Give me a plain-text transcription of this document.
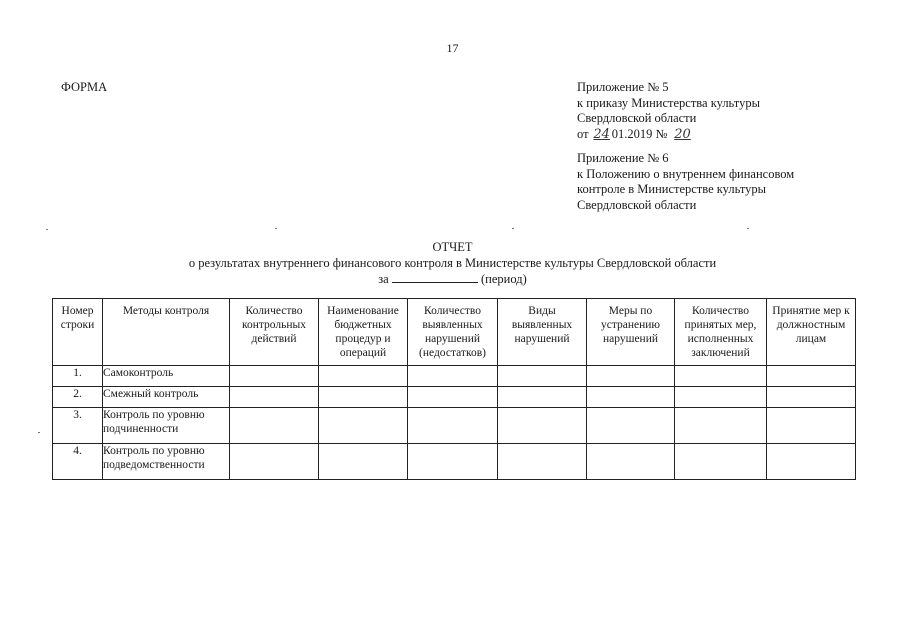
17
ФОРМА	Приложение № 5
к приказу Министерства культуры
Свердловской области
от 24 01.2019 № 20
Приложение № 6
к Положению о внутреннем финансовом
контроле в Министерстве культуры
Свердловской области
ОТЧЕТ
о результатах внутреннего финансового контроля в Министерстве культуры Свердловской области
за	(период)
Номер строки	Методы контроля	Количество контрольных действий	Наименование бюджетных процедур и операций	Количество выявленных нарушений (недостатков)	Виды выявленных нарушений	Меры по устранению нарушений	Количество принятых мер, исполненных заключений	Принятие мер к должностным лицам
1.	Самоконтроль							
2.	Смежный контроль							
3.	Контроль по уровню подчиненности							
4.	Контроль по уровню подведомственности							
